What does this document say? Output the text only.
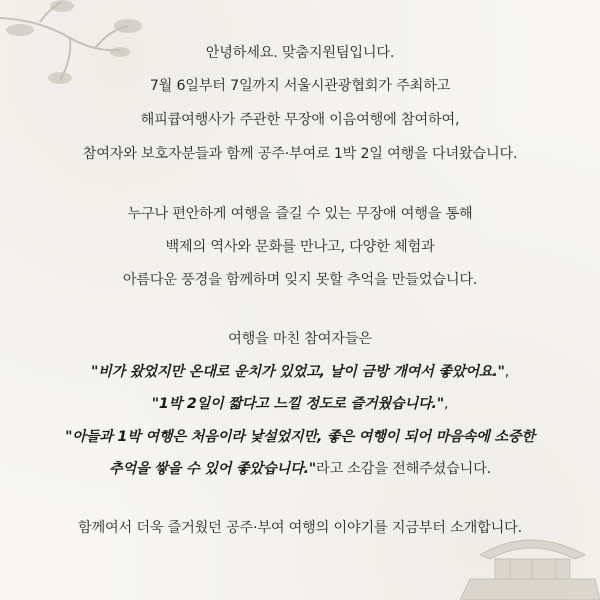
안녕하세요. 맞춤지원팀입니다.
7월 6일부터 7일까지 서울시관광협회가 주최하고
해피큡여행사가 주관한 무장애 이음여행에 참여하여,
참여자와 보호자분들과 함께 공주·부여로 1박 2일 여행을 다녀왔습니다.
누구나 편안하게 여행을 즐길 수 있는 무장애 여행을 통해
백제의 역사와 문화를 만나고, 다양한 체험과
아름다운 풍경을 함께하며 잊지 못할 추억을 만들었습니다.
여행을 마친 참여자들은
"비가 왔었지만 온대로 운치가 있었고, 날이 금방 개여서 좋았어요.",
"1박 2일이 짧다고 느낄 정도로 즐거웠습니다.",
"아들과 1박 여행은 처음이라 낯설었지만, 좋은 여행이 되어 마음속에 소중한
추억을 쌓을 수 있어 좋았습니다."라고 소감을 전해주셨습니다.
함께여서 더욱 즐거웠던 공주·부여 여행의 이야기를 지금부터 소개합니다.
